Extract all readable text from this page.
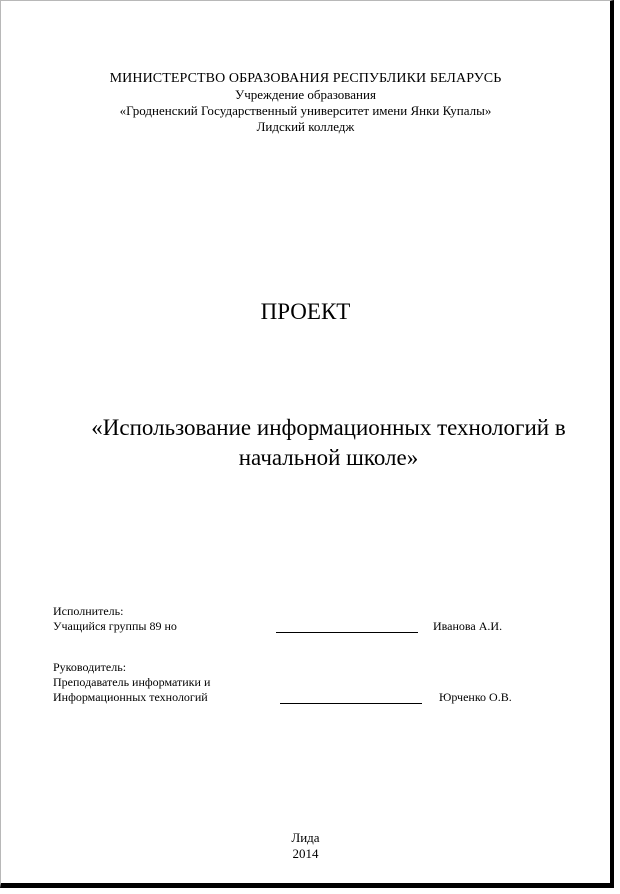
МИНИСТЕРСТВО ОБРАЗОВАНИЯ РЕСПУБЛИКИ БЕЛАРУСЬ
Учреждение образования
«Гродненский Государственный университет имени Янки Купалы»
Лидский колледж
ПРОЕКТ
«Использование информационных технологий в
начальной школе»
Исполнитель:
Учащийся группы 89 но	Иванова А.И.
Руководитель:
Преподаватель информатики и
Информационных технологий	Юрченко О.В.
Лида
2014
